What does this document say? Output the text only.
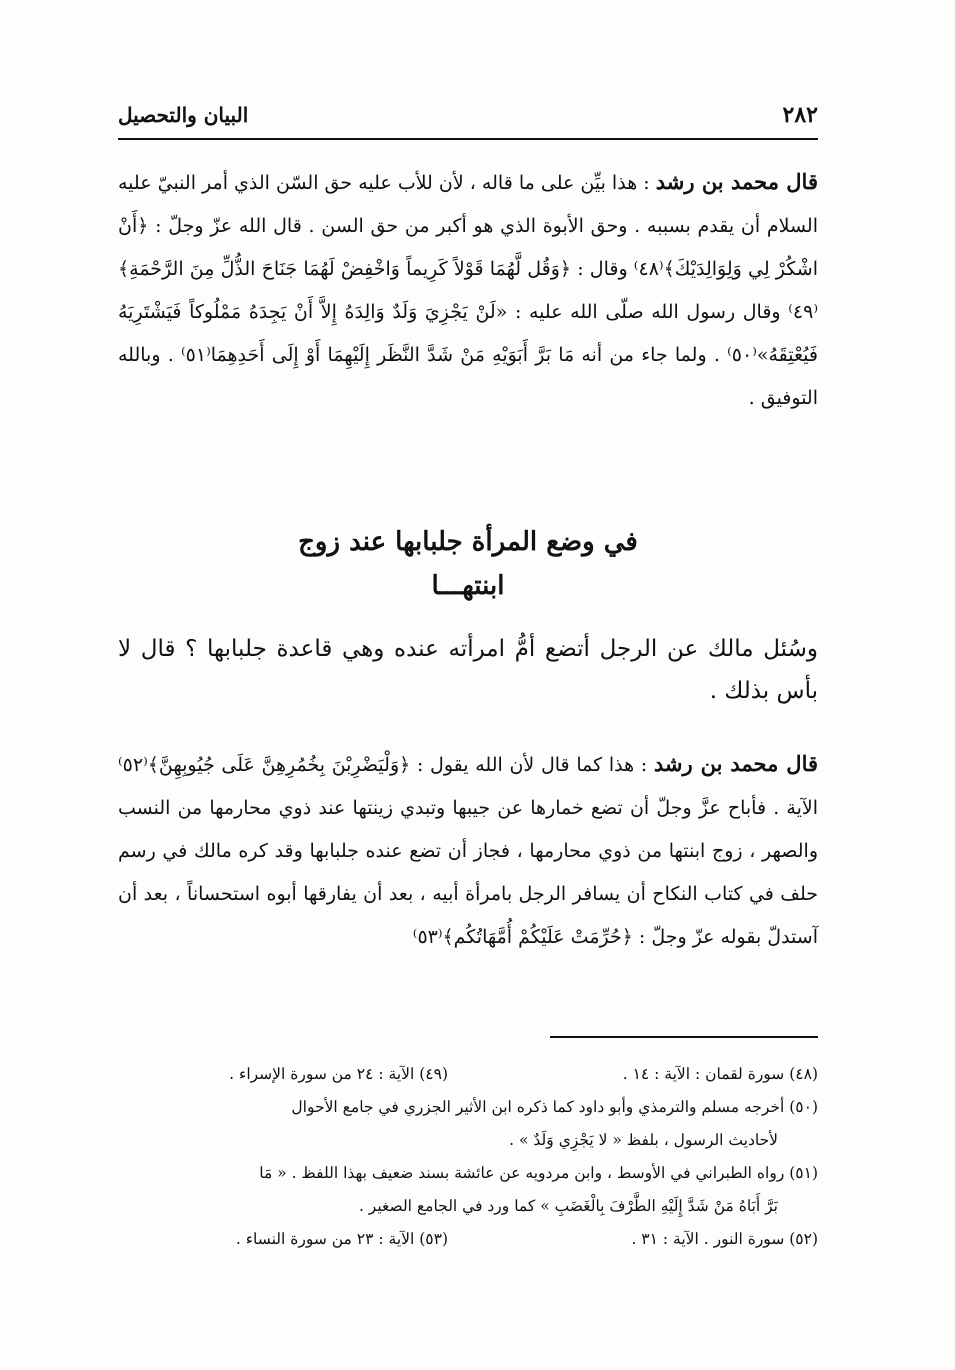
٢٨٢
البيان والتحصيل
قال محمد بن رشد : هذا بيِّن على ما قاله ، لأن للأب عليه حق السّن الذي أمر النبيّ عليه السلام أن يقدم بسببه . وحق الأبوة الذي هو أكبر من حق السن . قال الله عزّ وجلّ : ﴿أَنْ اشْكُرْ لِي وَلِوَالِدَيْكَ﴾⁽٤٨⁾ وقال : ﴿وَقُل لَّهُمَا قَوْلاً كَرِيماً وَاخْفِضْ لَهُمَا جَنَاحَ الذُّلِّ مِنَ الرَّحْمَةِ﴾⁽٤٩⁾ وقال رسول الله صلّى الله عليه : «لَنْ يَجْزِيَ وَلَدٌ وَالِدَهُ إِلاَّ أَنْ يَجِدَهُ مَمْلُوكاً فَيَشْتَرِيَهُ فَيُعْتِقَهُ»⁽٥٠⁾ . ولما جاء من أنه مَا بَرَّ أَبَوَيْهِ مَنْ شَدَّ النَّظَر إِلَيْهِمَا أَوْ إِلَى أَحَدِهِمَا⁽٥١⁾ . وبالله التوفيق .
في وضع المرأة جلبابها عند زوج
ابنتهـــا
وسُئل مالك عن الرجل أتضع أمُّ امرأته عنده وهي قاعدة جلبابها ؟ قال لا بأس بذلك .
قال محمد بن رشد : هذا كما قال لأن الله يقول : ﴿وَلْيَضْرِبْنَ بِخُمُرِهِنَّ عَلَى جُيُوبِهِنَّ﴾⁽٥٢⁾ الآية . فأباح عزَّ وجلّ أن تضع خمارها عن جيبها وتبدي زينتها عند ذوي محارمها من النسب والصهر ، زوج ابنتها من ذوي محارمها ، فجاز أن تضع عنده جلبابها وقد كره مالك في رسم حلف في كتاب النكاح أن يسافر الرجل بامرأة أبيه ، بعد أن يفارقها أبوه استحساناً ، بعد أن آستدلّ بقوله عزّ وجلّ : ﴿حُرِّمَتْ عَلَيْكُمْ أُمَّهَاتُكُم﴾⁽٥٣⁾
(٤٨) سورة لقمان : الآية : ١٤ .
(٤٩) الآية : ٢٤ من سورة الإسراء .
(٥٠) أخرجه مسلم والترمذي وأبو داود كما ذكره ابن الأثير الجزري في جامع الأحوال
لأحاديث الرسول ، بلفظ « لا يَجْزِي وَلَدٌ » .
(٥١) رواه الطبراني في الأوسط ، وابن مردويه عن عائشة بسند ضعيف بهذا اللفظ . « مَا
بَرَّ أَبَاهُ مَنْ شَدَّ إِلَيْهِ الطَّرْفَ بِالْغَضَبِ » كما ورد في الجامع الصغير .
(٥٢) سورة النور . الآية : ٣١ .
(٥٣) الآية : ٢٣ من سورة النساء .
